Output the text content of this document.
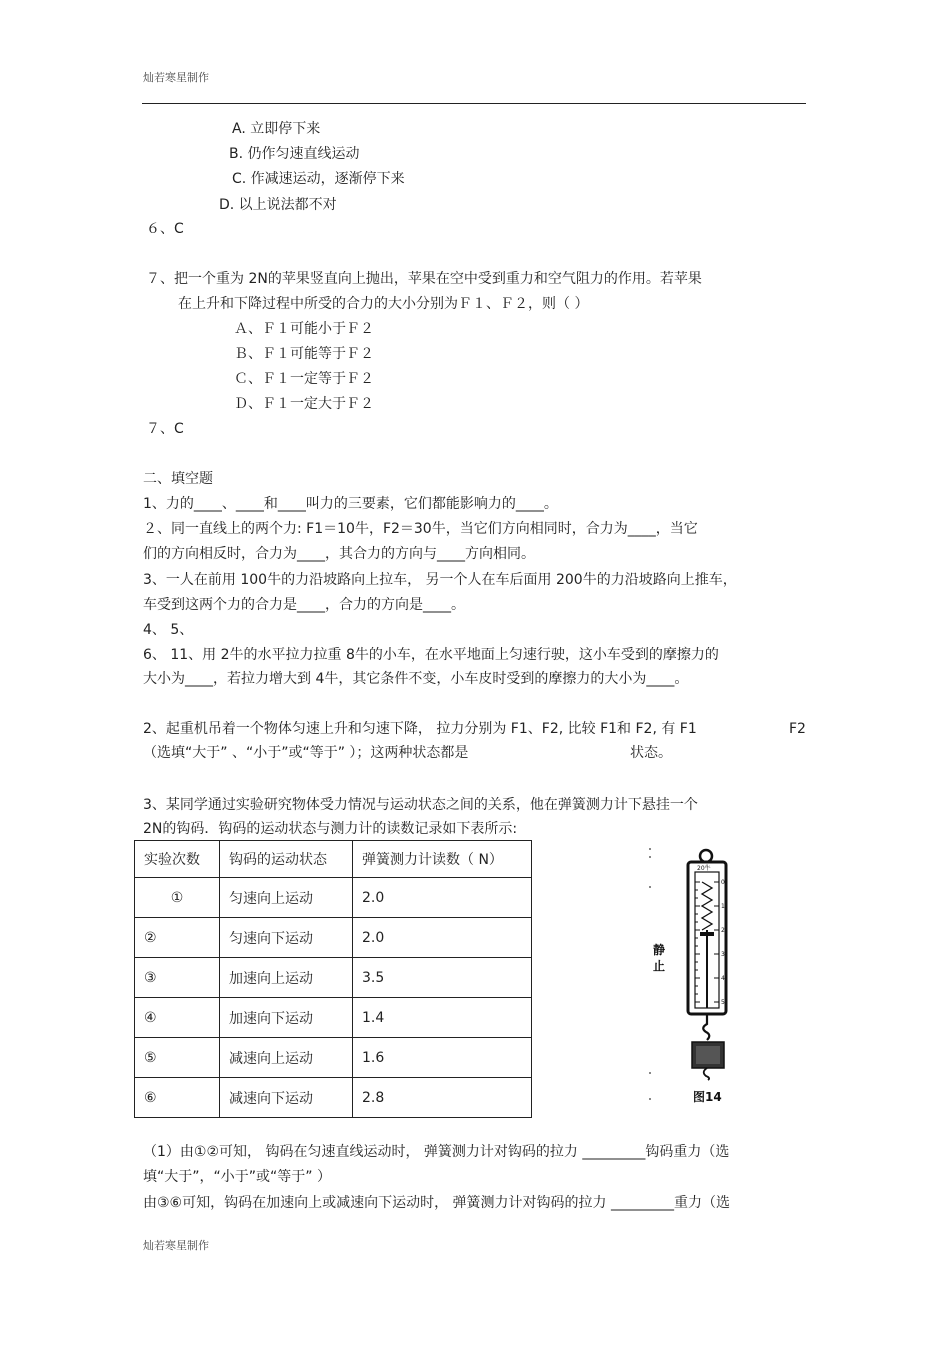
灿若寒星制作
A. 立即停下来
B. 仍作匀速直线运动
C. 作减速运动，逐渐停下来
D. 以上说法都不对
６、C
７、把一个重为 2N的苹果竖直向上抛出，苹果在空中受到重力和空气阻力的作用。若苹果
在上升和下降过程中所受的合力的大小分别为Ｆ１、Ｆ２，则（ ）
Ａ、Ｆ１可能小于Ｆ２
Ｂ、Ｆ１可能等于Ｆ２
Ｃ、Ｆ１一定等于Ｆ２
Ｄ、Ｆ１一定大于Ｆ２
７、C
二、填空题
1、力的____、____和____叫力的三要素，它们都能影响力的____。
２、同一直线上的两个力: F1＝10牛，F2＝30牛，当它们方向相同时，合力为____，当它
们的方向相反时，合力为____，其合力的方向与____方向相同。
3、一人在前用 100牛的力沿坡路向上拉车， 另一个人在车后面用 200牛的力沿坡路向上推车，
车受到这两个力的合力是____，合力的方向是____。
4、 5、
6、 11、用 2牛的水平拉力拉重 8牛的小车，在水平地面上匀速行驶，这小车受到的摩擦力的
大小为____，若拉力增大到 4牛，其它条件不变，小车皮时受到的摩擦力的大小为____。
2、起重机吊着一个物体匀速上升和匀速下降， 拉力分别为 F1、F2, 比较 F1和 F2, 有 F1	F2
（选填“大于” 、“小于”或“等于” ）；这两种状态都是	状态。
3、某同学通过实验研究物体受力情况与运动状态之间的关系，他在弹簧测力计下悬挂一个
2N的钩码．钩码的运动状态与测力计的读数记录如下表所示:
实验次数	钩码的运动状态	弹簧测力计读数（ N）
①	匀速向上运动	2.0
②	匀速向下运动	2.0
③	加速向上运动	3.5
④	加速向下运动	1.4
⑤	减速向上运动	1.6
⑥	减速向下运动	2.8
20牛
0
1
2
3
4
5
静止
图14
（1）由①②可知， 钩码在匀速直线运动时， 弹簧测力计对钩码的拉力 _________钩码重力（选
填“大于”，“小于”或“等于” ）
由③⑥可知，钩码在加速向上或减速向下运动时， 弹簧测力计对钩码的拉力 _________重力（选
灿若寒星制作
